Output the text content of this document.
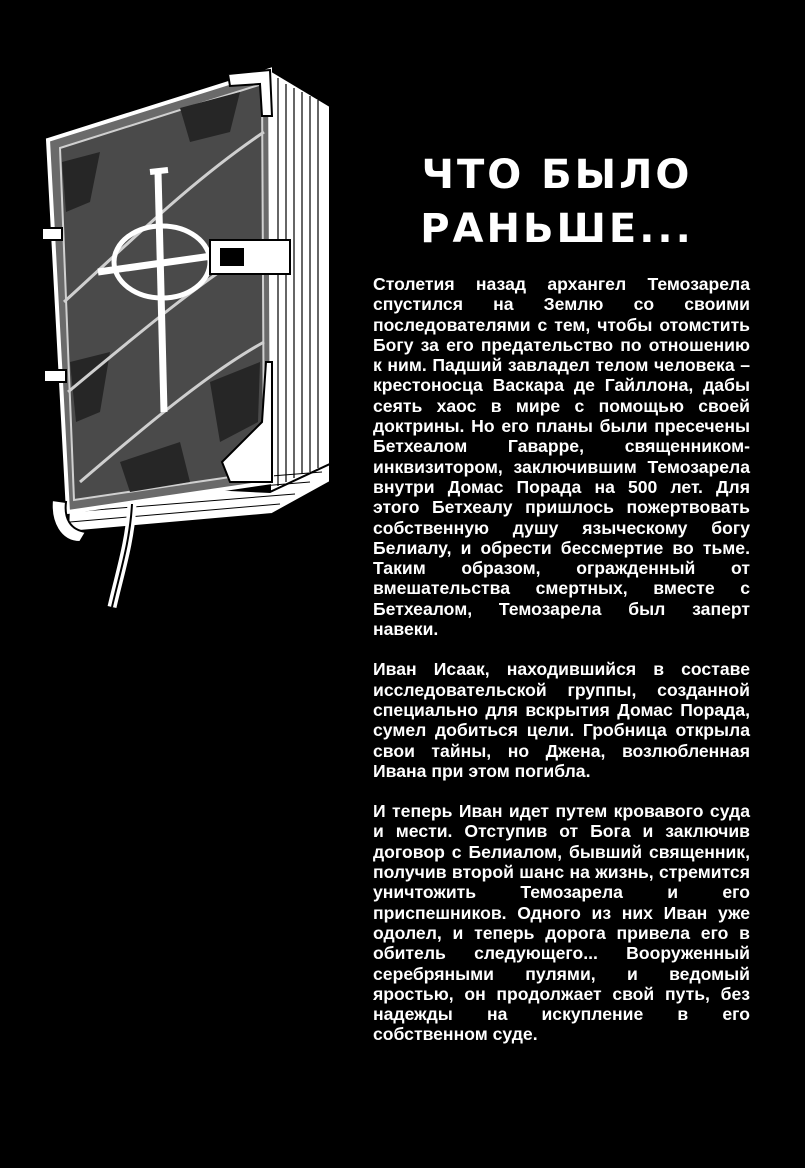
ЧТО БЫЛО
РАНЬШЕ...

Столетия назад архангел Темозарела спустился на Землю со своими последователями с тем, чтобы отомстить Богу за его предательство по отношению к ним. Падший завладел телом человека – крестоносца Васкара де Гайллона, дабы сеять хаос в мире с помощью своей доктрины. Но его планы были пресечены Бетхеалом Гаварре, священником-инквизитором, заключившим Темозарела внутри Домас Порада на 500 лет. Для этого Бетхеалу пришлось пожертвовать собственную душу языческому богу Белиалу, и обрести бессмертие во тьме. Таким образом, огражденный от вмешательства смертных, вместе с Бетхеалом, Темозарела был заперт навеки.

Иван Исаак, находившийся в составе исследовательской группы, созданной специально для вскрытия Домас Порада, сумел добиться цели. Гробница открыла свои тайны, но Джена, возлюбленная Ивана при этом погибла.

И теперь Иван идет путем кровавого суда и мести. Отступив от Бога и заключив договор с Белиалом, бывший священник, получив второй шанс на жизнь, стремится уничтожить Темозарела и его приспешников. Одного из них Иван уже одолел, и теперь дорога привела его в обитель следующего... Вооруженный серебряными пулями, и ведомый яростью, он продолжает свой путь, без надежды на искупление в его собственном суде.
